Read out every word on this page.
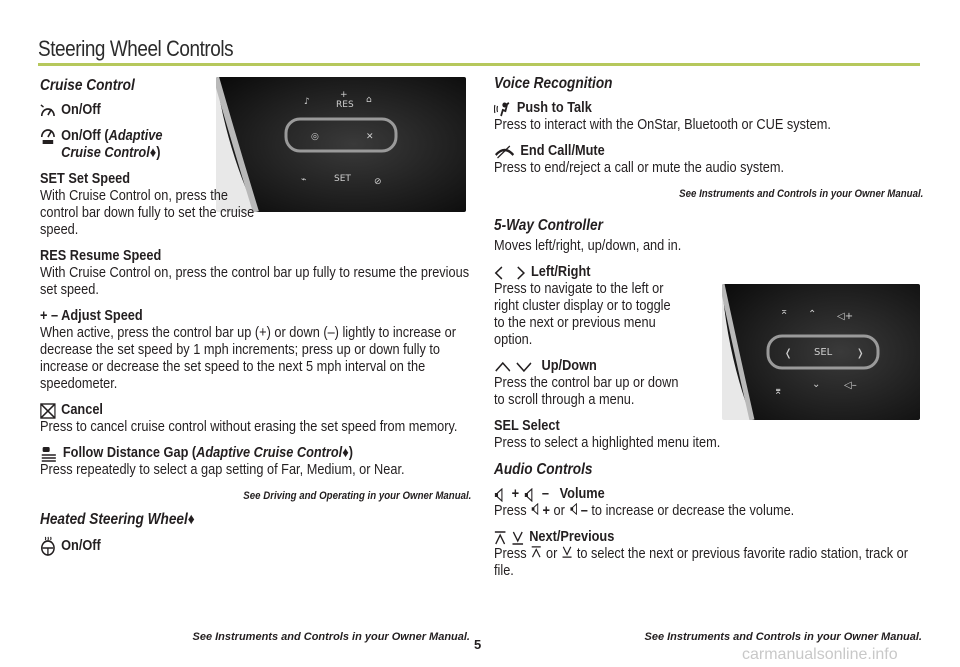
Steering Wheel Controls
♪	RES
+ ⌂
◎	✕
⌁	SET	⊘
⌅ ⌃ ◁+
❬ SEL ❭
⌆
⌄ ◁–
Cruise Control
On/Off
On/Off (Adaptive Cruise Control♦)
SET Set Speed
With Cruise Control on, press the control bar down fully to set the cruise speed.
RES Resume Speed
With Cruise Control on, press the control bar up fully to resume the previous set speed.
+ – Adjust Speed
When active, press the control bar up (+) or down (–) lightly to increase or decrease the set speed by 1 mph increments; press up or down fully to increase or decrease the set speed to the next 5 mph interval on the speedometer.
Cancel
Press to cancel cruise control without erasing the set speed from memory.
Follow Distance Gap (Adaptive Cruise Control♦)
Press repeatedly to select a gap setting of Far, Medium, or Near.
See Driving and Operating in your Owner Manual.
Heated Steering Wheel♦
On/Off
See Instruments and Controls in your Owner Manual.
Voice Recognition
Push to Talk
Press to interact with the OnStar, Bluetooth or CUE system.
End Call/Mute
Press to end/reject a call or mute the audio system.
See Instruments and Controls in your Owner Manual.
5-Way Controller
Moves left/right, up/down, and in.
Left/Right
Press to navigate to the left or right cluster display or to toggle to the next or previous menu option.
Up/Down
Press the control bar up or down to scroll through a menu.
SEL Select
Press to select a highlighted menu item.
Audio Controls
+ – Volume
Press + or – to increase or decrease the volume.
Next/Previous
Press or to select the next or previous favorite radio station, track or file.
See Instruments and Controls in your Owner Manual.
5
carmanualsonline.info
